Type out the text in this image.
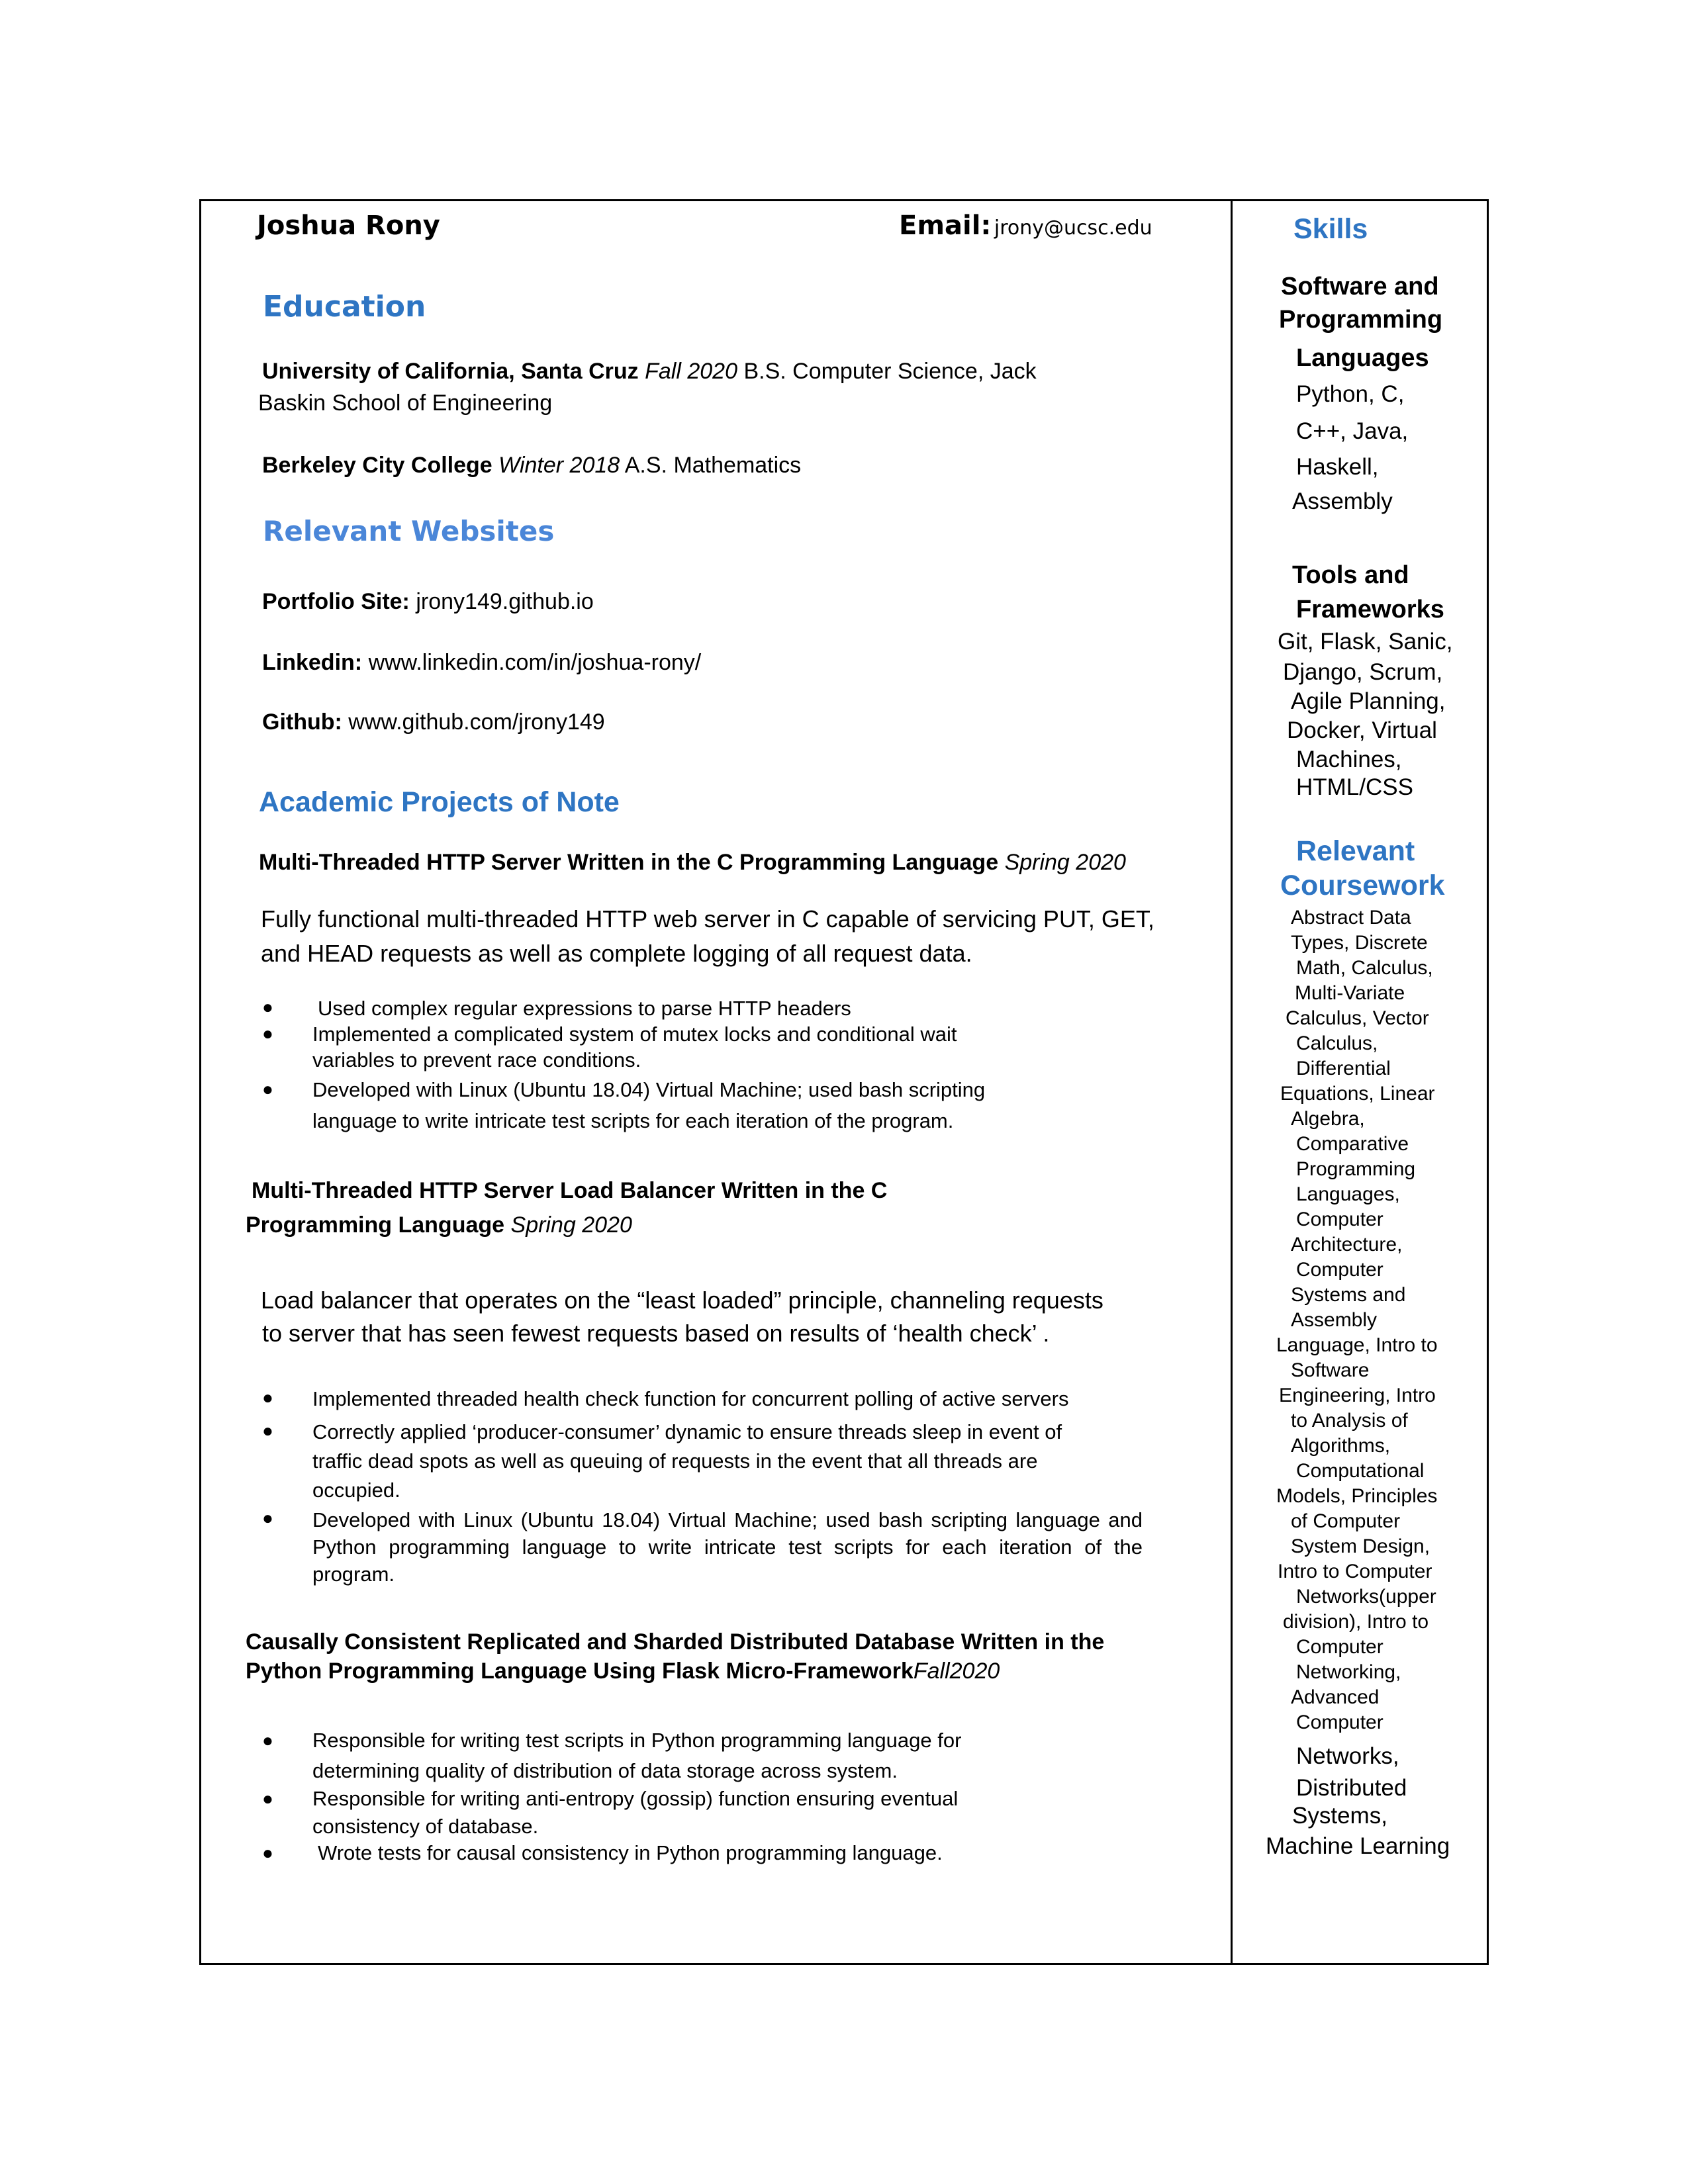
Joshua Rony	Email: jrony@ucsc.edu
Education
University of California, Santa Cruz Fall 2020 B.S. Computer Science, Jack
Baskin School of Engineering
Berkeley City College Winter 2018 A.S. Mathematics
Relevant Websites
Portfolio Site: jrony149.github.io
Linkedin: www.linkedin.com/in/joshua-rony/
Github: www.github.com/jrony149
Academic Projects of Note
Multi-Threaded HTTP Server Written in the C Programming Language Spring 2020
Fully functional multi-threaded HTTP web server in C capable of servicing PUT, GET,
and HEAD requests as well as complete logging of all request data.
● Used complex regular expressions to parse HTTP headers
● Implemented a complicated system of mutex locks and conditional wait
variables to prevent race conditions.
● Developed with Linux (Ubuntu 18.04) Virtual Machine; used bash scripting
language to write intricate test scripts for each iteration of the program.
Multi-Threaded HTTP Server Load Balancer Written in the C
Programming Language Spring 2020
Load balancer that operates on the “least loaded” principle, channeling requests
to server that has seen fewest requests based on results of ‘health check’ .
● Implemented threaded health check function for concurrent polling of active servers
● Correctly applied ‘producer-consumer’ dynamic to ensure threads sleep in event of
traffic dead spots as well as queuing of requests in the event that all threads are
occupied.
● Developed with Linux (Ubuntu 18.04) Virtual Machine; used bash scripting language and Python programming language to write intricate test scripts for each iteration of the program.
Causally Consistent Replicated and Sharded Distributed Database Written in the
Python Programming Language Using Flask Micro-FrameworkFall2020
● Responsible for writing test scripts in Python programming language for
determining quality of distribution of data storage across system.
● Responsible for writing anti-entropy (gossip) function ensuring eventual
consistency of database.
● Wrote tests for causal consistency in Python programming language.
Skills
Software and
Programming
Languages
Python, C,
C++, Java,
Haskell,
Assembly
Tools and
Frameworks
Git, Flask, Sanic,
Django, Scrum,
Agile Planning,
Docker, Virtual
Machines,
HTML/CSS
Relevant
Coursework
Abstract Data
Types, Discrete
Math, Calculus,
Multi-Variate
Calculus, Vector
Calculus,
Differential
Equations, Linear
Algebra,
Comparative
Programming
Languages,
Computer
Architecture,
Computer
Systems and
Assembly
Language, Intro to
Software
Engineering, Intro
to Analysis of
Algorithms,
Computational
Models, Principles
of Computer
System Design,
Intro to Computer
Networks(upper
division), Intro to
Computer
Networking,
Advanced
Computer
Networks,
Distributed
Systems,
Machine Learning
